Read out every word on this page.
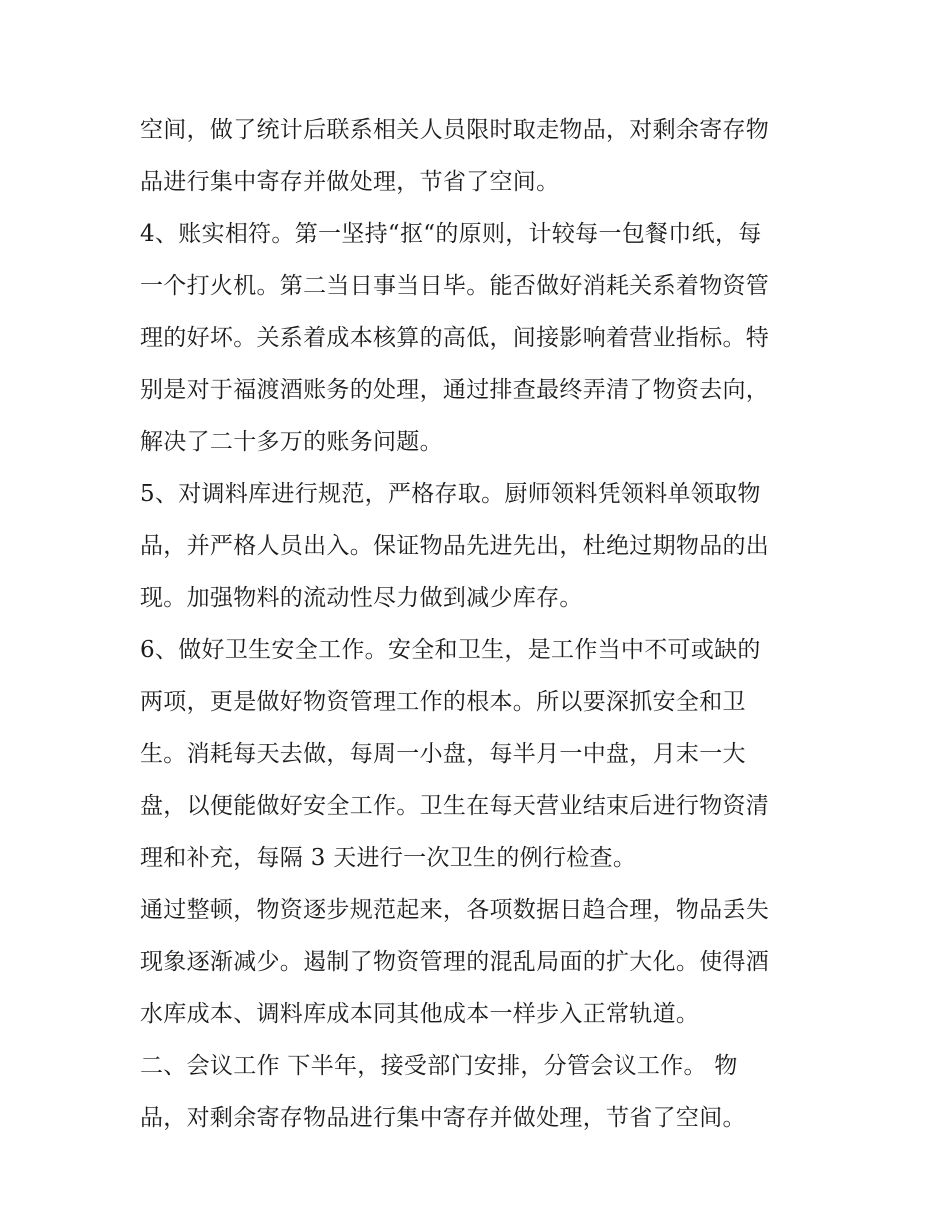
空间，做了统计后联系相关人员限时取走物品，对剩余寄存物
品进行集中寄存并做处理，节省了空间。
4、账实相符。第一坚持“抠“的原则，计较每一包餐巾纸，每
一个打火机。第二当日事当日毕。能否做好消耗关系着物资管
理的好坏。关系着成本核算的高低，间接影响着营业指标。特
别是对于福渡酒账务的处理，通过排查最终弄清了物资去向，
解决了二十多万的账务问题。
5、对调料库进行规范，严格存取。厨师领料凭领料单领取物
品，并严格人员出入。保证物品先进先出，杜绝过期物品的出
现。加强物料的流动性尽力做到减少库存。
6、做好卫生安全工作。安全和卫生，是工作当中不可或缺的
两项，更是做好物资管理工作的根本。所以要深抓安全和卫
生。消耗每天去做，每周一小盘，每半月一中盘，月末一大
盘，以便能做好安全工作。卫生在每天营业结束后进行物资清
理和补充，每隔 3 天进行一次卫生的例行检查。
通过整顿，物资逐步规范起来，各项数据日趋合理，物品丢失
现象逐渐减少。遏制了物资管理的混乱局面的扩大化。使得酒
水库成本、调料库成本同其他成本一样步入正常轨道。
二、会议工作 下半年，接受部门安排，分管会议工作。 物
品，对剩余寄存物品进行集中寄存并做处理，节省了空间。
